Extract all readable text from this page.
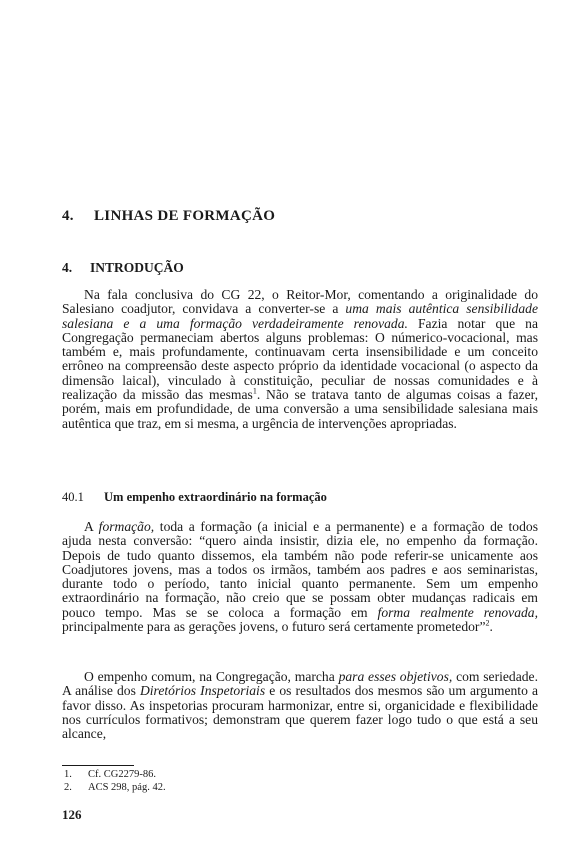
4. LINHAS DE FORMAÇÃO
4. INTRODUÇÃO

Na fala conclusiva do CG 22, o Reitor-Mor, comentando a originalidade do Salesiano coadjutor, convidava a converter-se a uma mais autêntica sensibilidade salesiana e a uma formação verdadeiramente renovada. Fazia notar que na Congregação permaneciam abertos alguns problemas: O númerico-vocacional, mas também e, mais profundamente, continuavam certa insensibilidade e um conceito errôneo na compreensão deste aspecto próprio da identidade vocacional (o aspecto da dimensão laical), vinculado à constituição, peculiar de nossas comunidades e à realização da missão das mesmas$^1$. Não se tratava tanto de algumas coisas a fazer, porém, mais em profundidade, de uma conversão a uma sensibilidade salesiana mais autêntica que traz, em si mesma, a urgência de intervenções apropriadas.

40.1 Um empenho extraordinário na formação

A formação, toda a formação (a inicial e a permanente) e a formação de todos ajuda nesta conversão: “quero ainda insistir, dizia ele, no empenho da formação. Depois de tudo quanto dissemos, ela também não pode referir-se unicamente aos Coadjutores jovens, mas a todos os irmãos, também aos padres e aos seminaristas, durante todo o período, tanto inicial quanto permanente. Sem um empenho extraordinário na formação, não creio que se possam obter mudanças radicais em pouco tempo. Mas se se coloca a formação em forma realmente renovada, principalmente para as gerações jovens, o futuro será certamente prometedor”$^2$.

O empenho comum, na Congregação, marcha para esses objetivos, com seriedade. A análise dos Diretórios Inspetoriais e os resultados dos mesmos são um argumento a favor disso. As inspetorias procuram harmonizar, entre si, organicidade e flexibilidade nos currículos formativos; demonstram que querem fazer logo tudo o que está a seu alcance,

1. Cf. CG2279-86.
2. ACS 298, pág. 42.
126
